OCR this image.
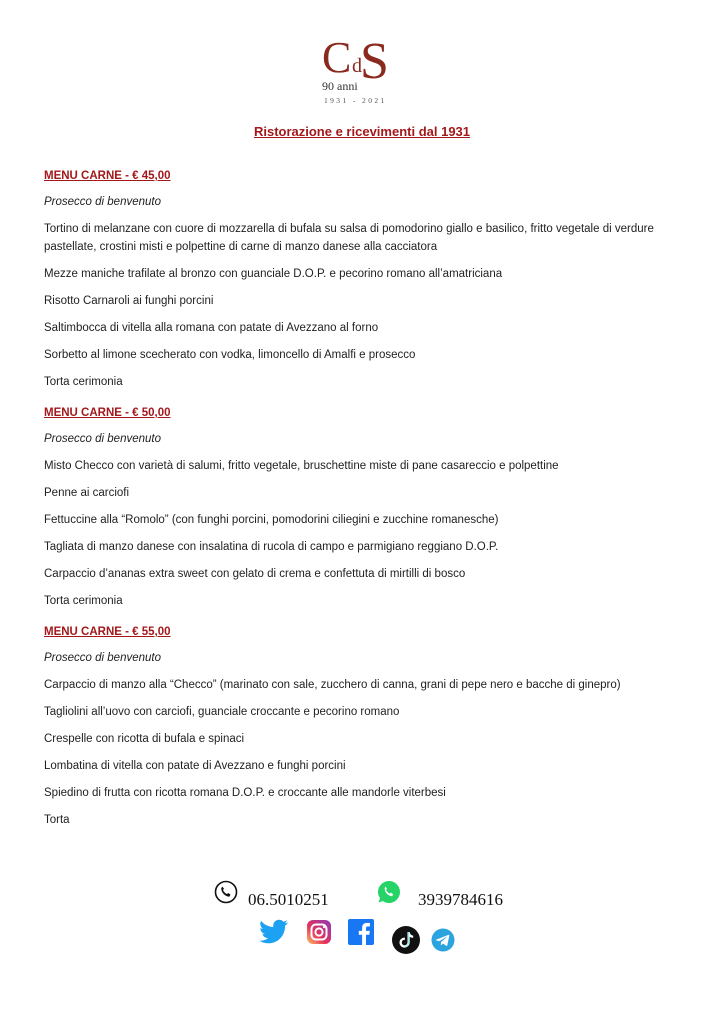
C d
S
90 anni
1931 - 2021
Ristorazione e ricevimenti dal 1931
MENU CARNE - € 45,00
Prosecco di benvenuto
Tortino di melanzane con cuore di mozzarella di bufala su salsa di pomodorino giallo e basilico, fritto vegetale di verdure pastellate, crostini misti e polpettine di carne di manzo danese alla cacciatora
Mezze maniche trafilate al bronzo con guanciale D.O.P. e pecorino romano all’amatriciana
Risotto Carnaroli ai funghi porcini
Saltimbocca di vitella alla romana con patate di Avezzano al forno
Sorbetto al limone scecherato con vodka, limoncello di Amalfi e prosecco
Torta cerimonia
MENU CARNE - € 50,00
Prosecco di benvenuto
Misto Checco con varietà di salumi, fritto vegetale, bruschettine miste di pane casareccio e polpettine
Penne ai carciofi
Fettuccine alla “Romolo” (con funghi porcini, pomodorini ciliegini e zucchine romanesche)
Tagliata di manzo danese con insalatina di rucola di campo e parmigiano reggiano D.O.P.
Carpaccio d’ananas extra sweet con gelato di crema e confettuta di mirtilli di bosco
Torta cerimonia
MENU CARNE - € 55,00
Prosecco di benvenuto
Carpaccio di manzo alla “Checco” (marinato con sale, zucchero di canna, grani di pepe nero e bacche di ginepro)
Tagliolini all’uovo con carciofi, guanciale croccante e pecorino romano
Crespelle con ricotta di bufala e spinaci
Lombatina di vitella con patate di Avezzano e funghi porcini
Spiedino di frutta con ricotta romana D.O.P. e croccante alle mandorle viterbesi
Torta
06.5010251	3939784616
